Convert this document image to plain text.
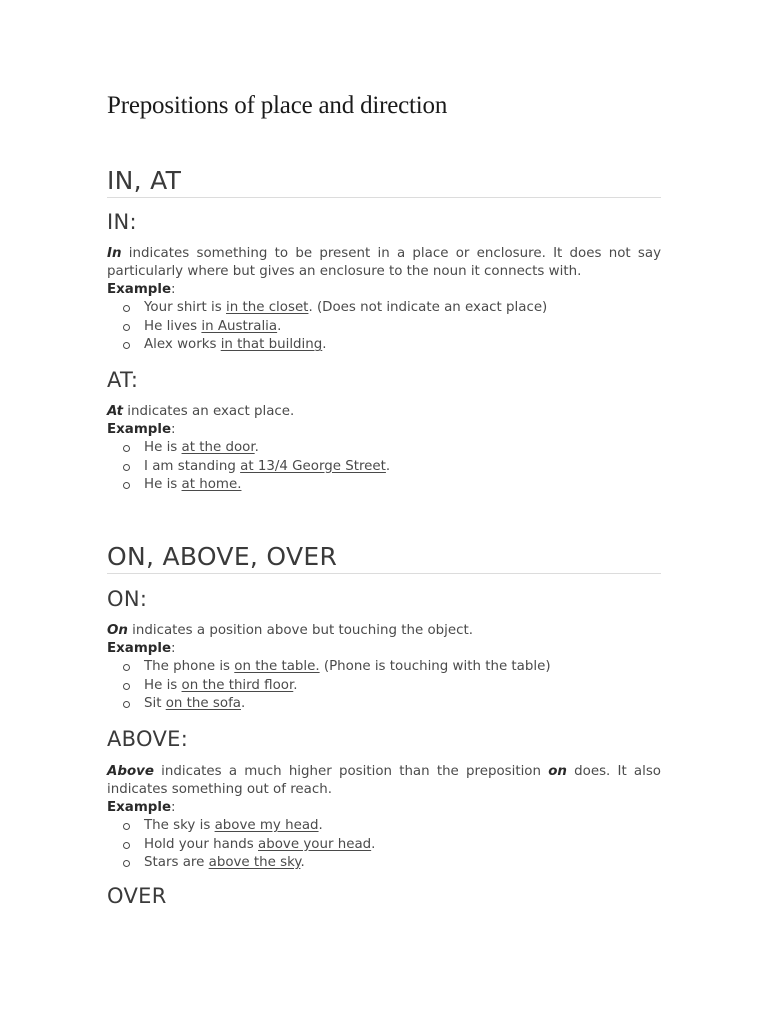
Prepositions of place and direction
IN, AT
IN:

In indicates something to be present in a place or enclosure. It does not say particularly where but gives an enclosure to the noun it connects with.

Example:

Your shirt is in the closet. (Does not indicate an exact place)
He lives in Australia.
Alex works in that building.
AT:

At indicates an exact place.

Example:

He is at the door.
I am standing at 13/4 George Street.
He is at home.
ON, ABOVE, OVER
ON:

On indicates a position above but touching the object.

Example:

The phone is on the table. (Phone is touching with the table)
He is on the third floor.
Sit on the sofa.
ABOVE:

Above indicates a much higher position than the preposition on does. It also indicates something out of reach.

Example:

The sky is above my head.
Hold your hands above your head.
Stars are above the sky.
OVER
